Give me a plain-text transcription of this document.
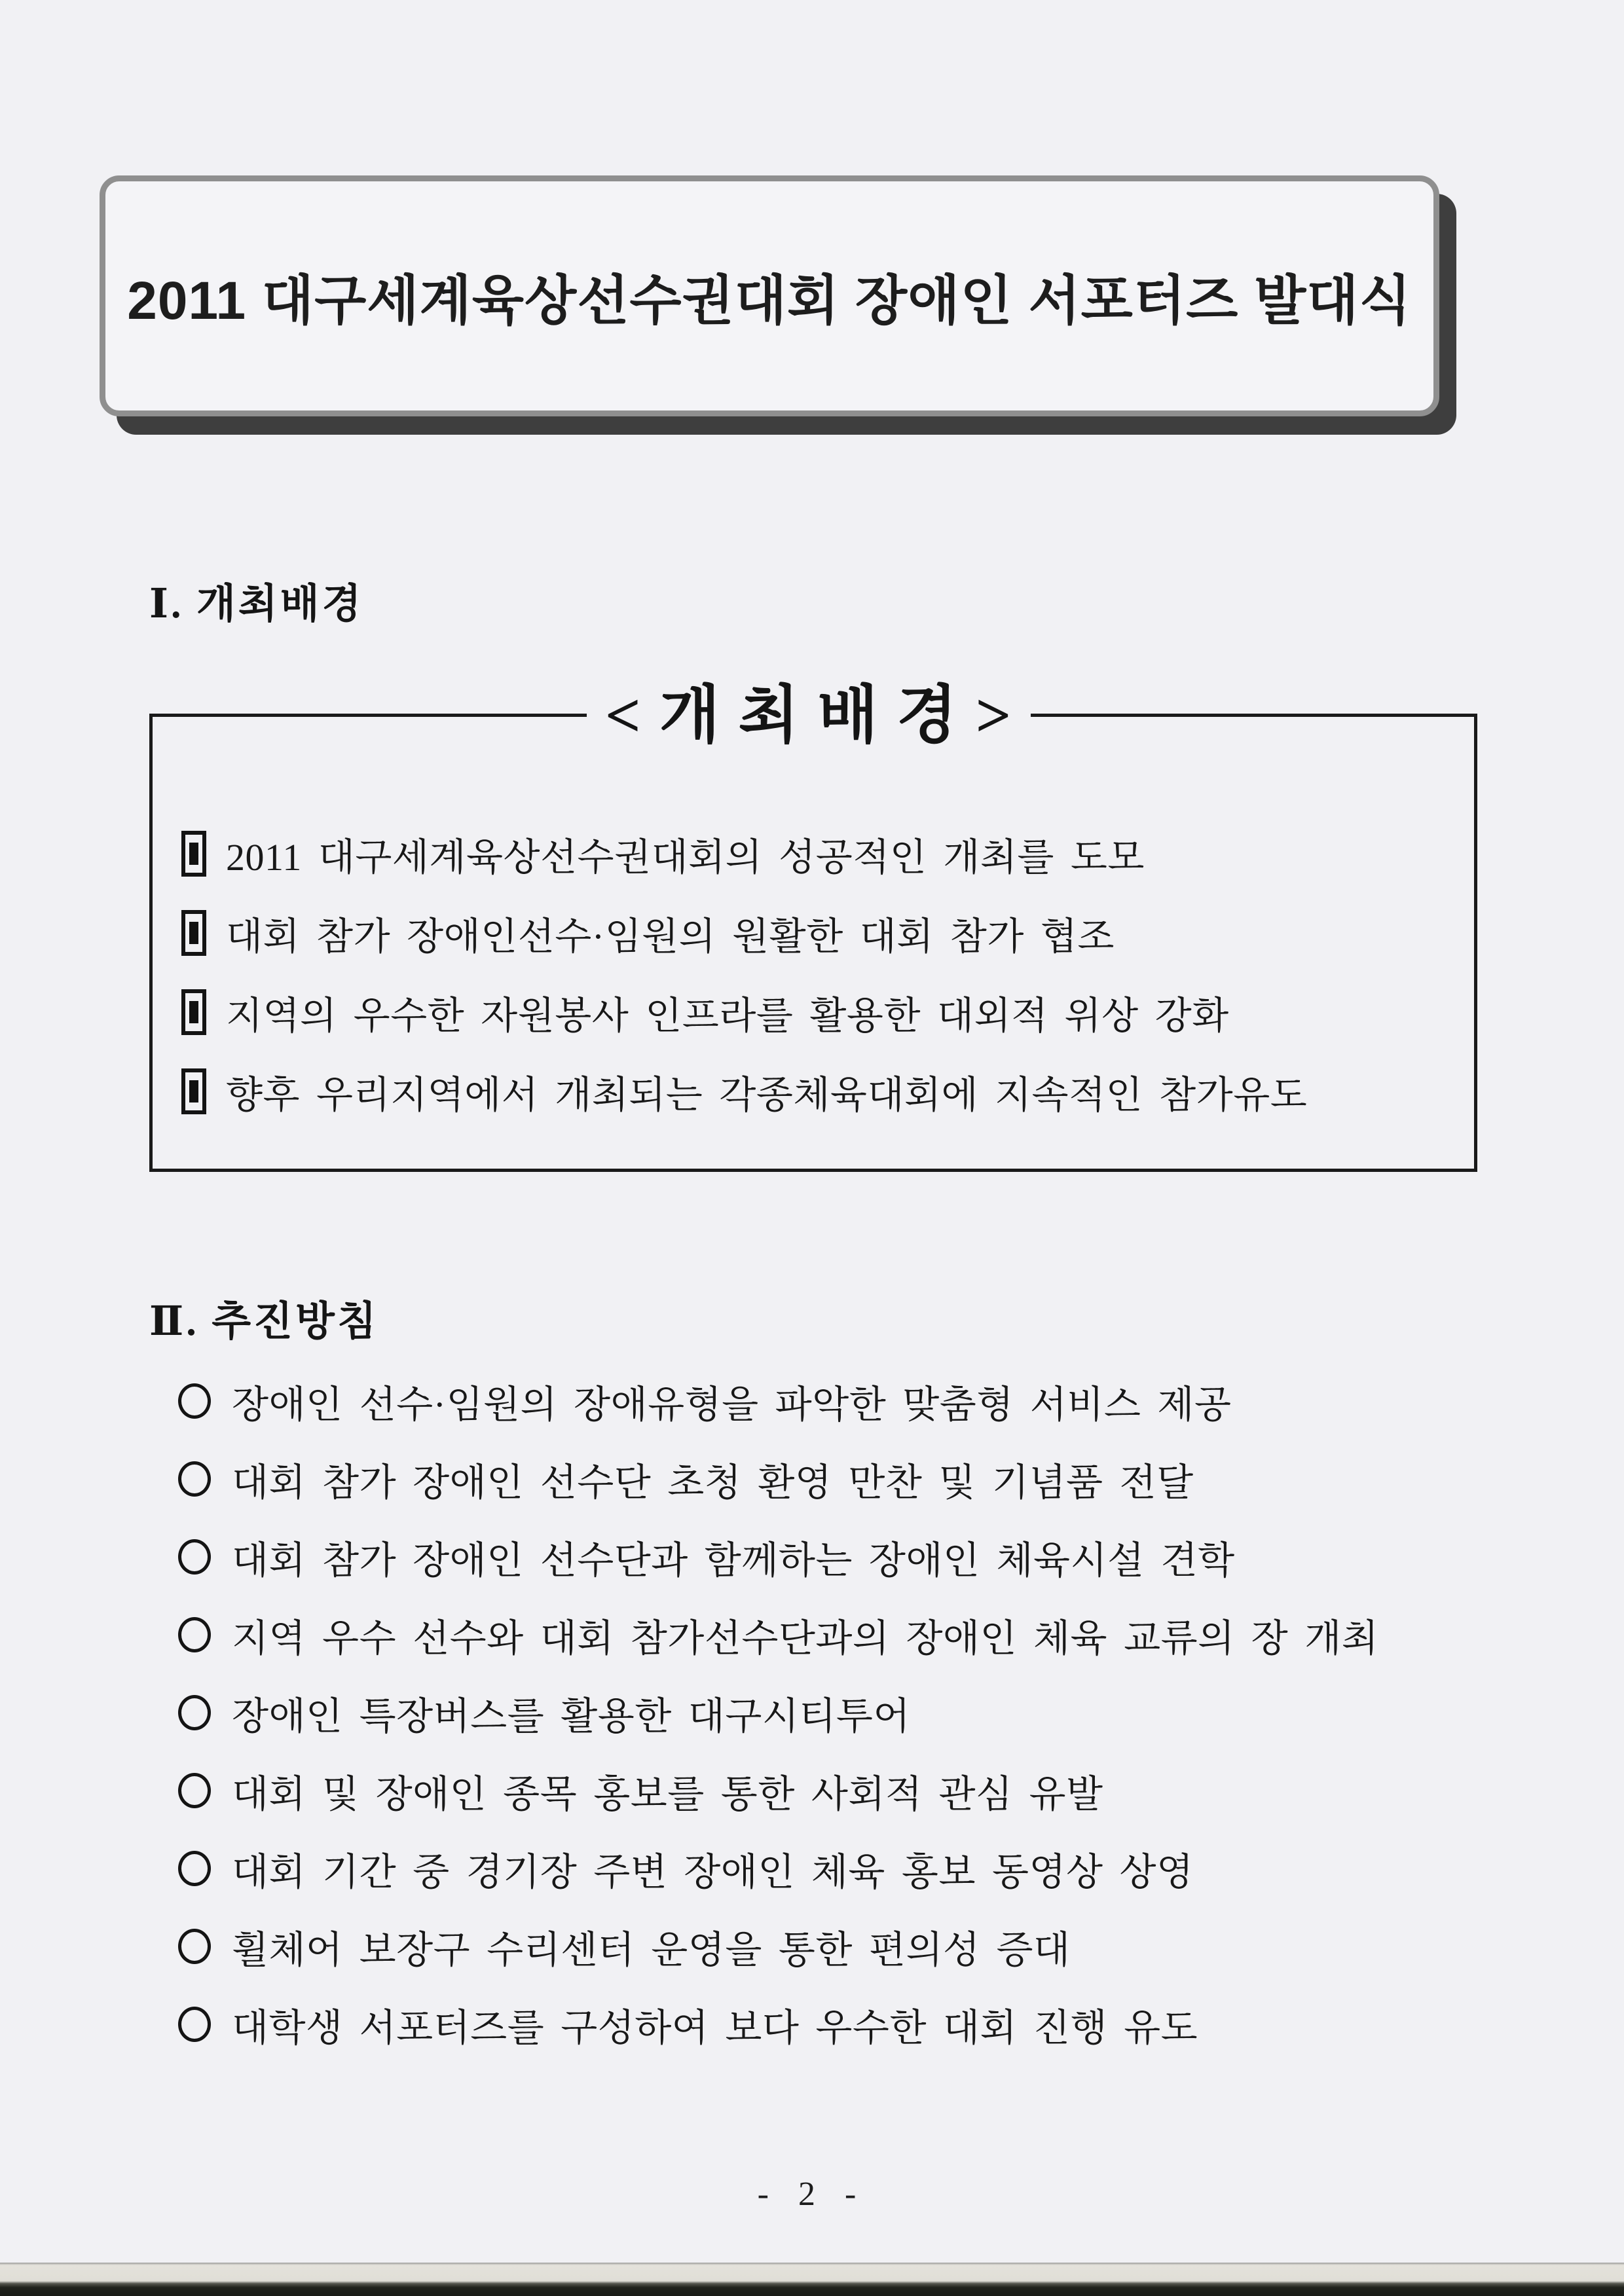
2011 대구세계육상선수권대회 장애인 서포터즈 발대식
Ⅰ. 개최배경
< 개 최 배 경 >
2011 대구세계육상선수권대회의 성공적인 개최를 도모
대회 참가 장애인선수·임원의 원활한 대회 참가 협조
지역의 우수한 자원봉사 인프라를 활용한 대외적 위상 강화
향후 우리지역에서 개최되는 각종체육대회에 지속적인 참가유도
Ⅱ. 추진방침
장애인 선수·임원의 장애유형을 파악한 맞춤형 서비스 제공
대회 참가 장애인 선수단 초청 환영 만찬 및 기념품 전달
대회 참가 장애인 선수단과 함께하는 장애인 체육시설 견학
지역 우수 선수와 대회 참가선수단과의 장애인 체육 교류의 장 개최
장애인 특장버스를 활용한 대구시티투어
대회 및 장애인 종목 홍보를 통한 사회적 관심 유발
대회 기간 중 경기장 주변 장애인 체육 홍보 동영상 상영
휠체어 보장구 수리센터 운영을 통한 편의성 증대
대학생 서포터즈를 구성하여 보다 우수한 대회 진행 유도
- 2 -
